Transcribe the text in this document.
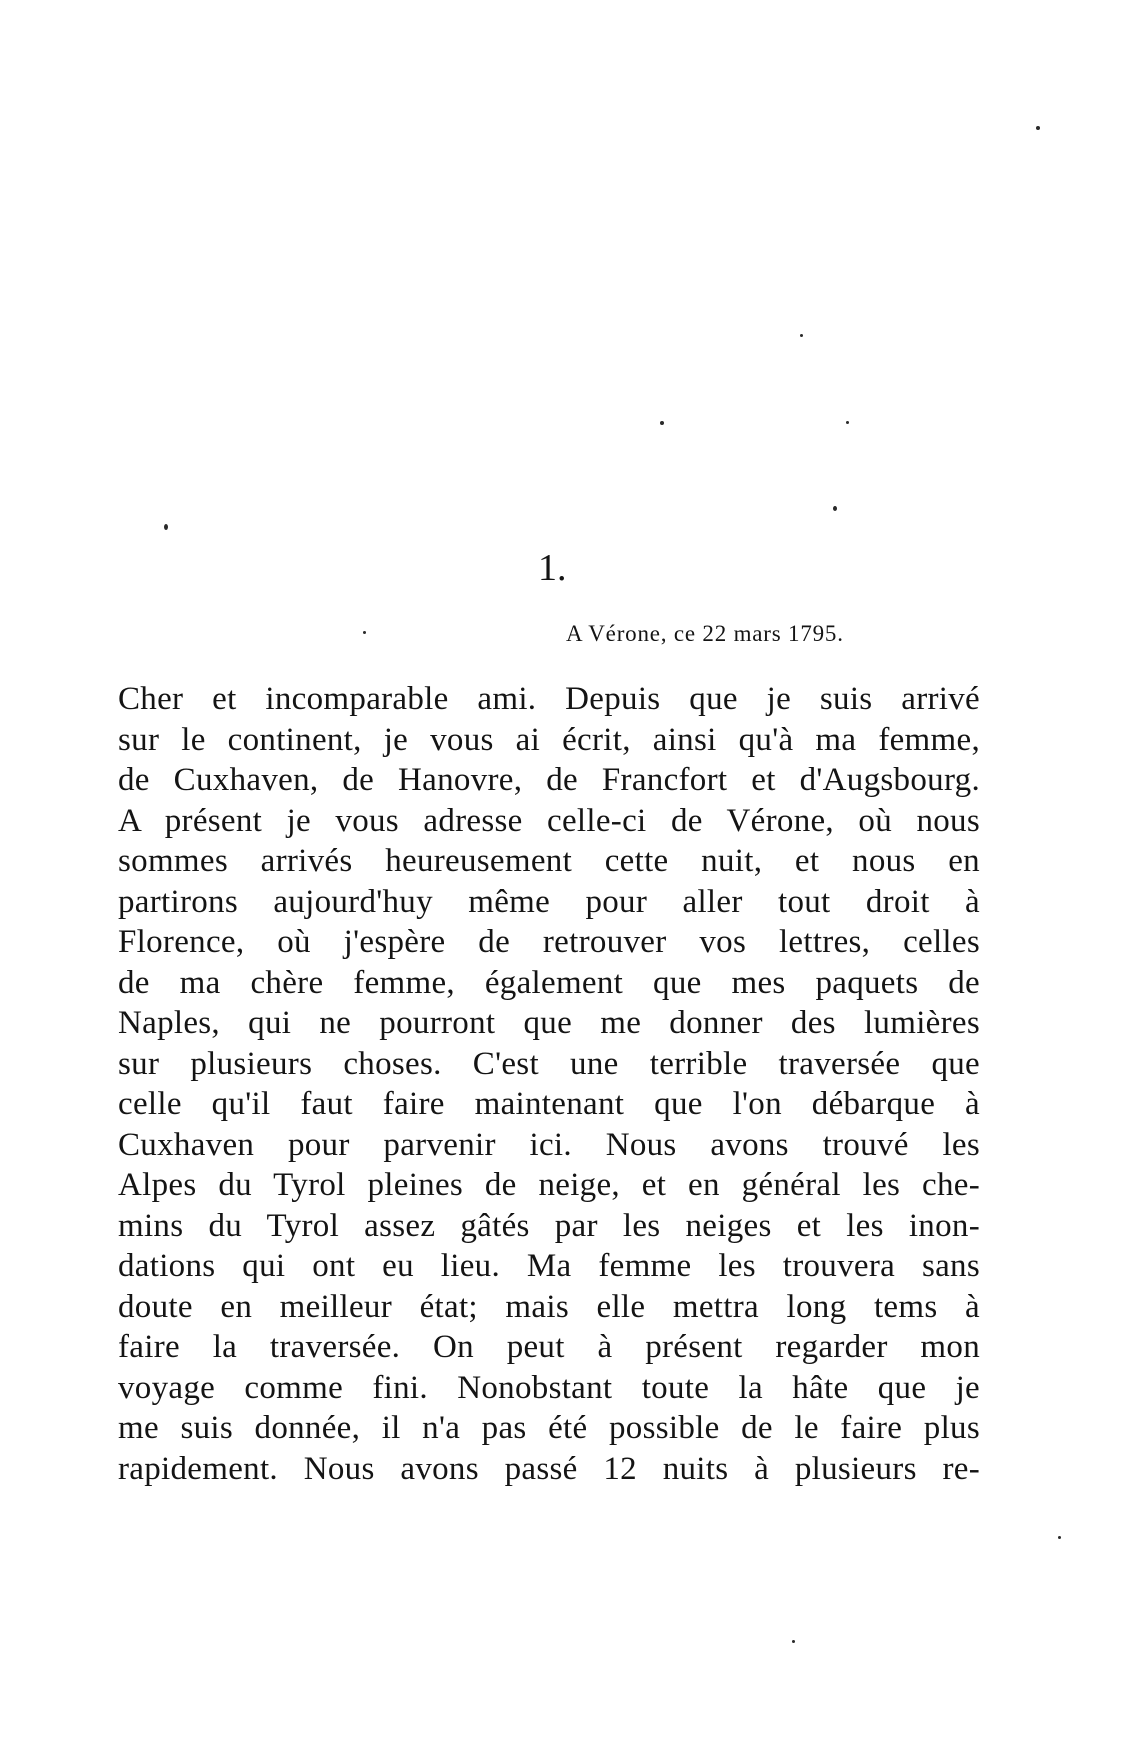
1.

A Vérone, ce 22 mars 1795.

Cher et incomparable ami. Depuis que je suis arrivé
sur le continent, je vous ai écrit, ainsi qu'à ma femme,
de Cuxhaven, de Hanovre, de Francfort et d'Augsbourg.
A présent je vous adresse celle-ci de Vérone, où nous
sommes arrivés heureusement cette nuit, et nous en
partirons aujourd'huy même pour aller tout droit à
Florence, où j'espère de retrouver vos lettres, celles
de ma chère femme, également que mes paquets de
Naples, qui ne pourront que me donner des lumières
sur plusieurs choses. C'est une terrible traversée que
celle qu'il faut faire maintenant que l'on débarque à
Cuxhaven pour parvenir ici. Nous avons trouvé les
Alpes du Tyrol pleines de neige, et en général les che-
mins du Tyrol assez gâtés par les neiges et les inon-
dations qui ont eu lieu. Ma femme les trouvera sans
doute en meilleur état; mais elle mettra long tems à
faire la traversée. On peut à présent regarder mon
voyage comme fini. Nonobstant toute la hâte que je
me suis donnée, il n'a pas été possible de le faire plus
rapidement. Nous avons passé 12 nuits à plusieurs re-
